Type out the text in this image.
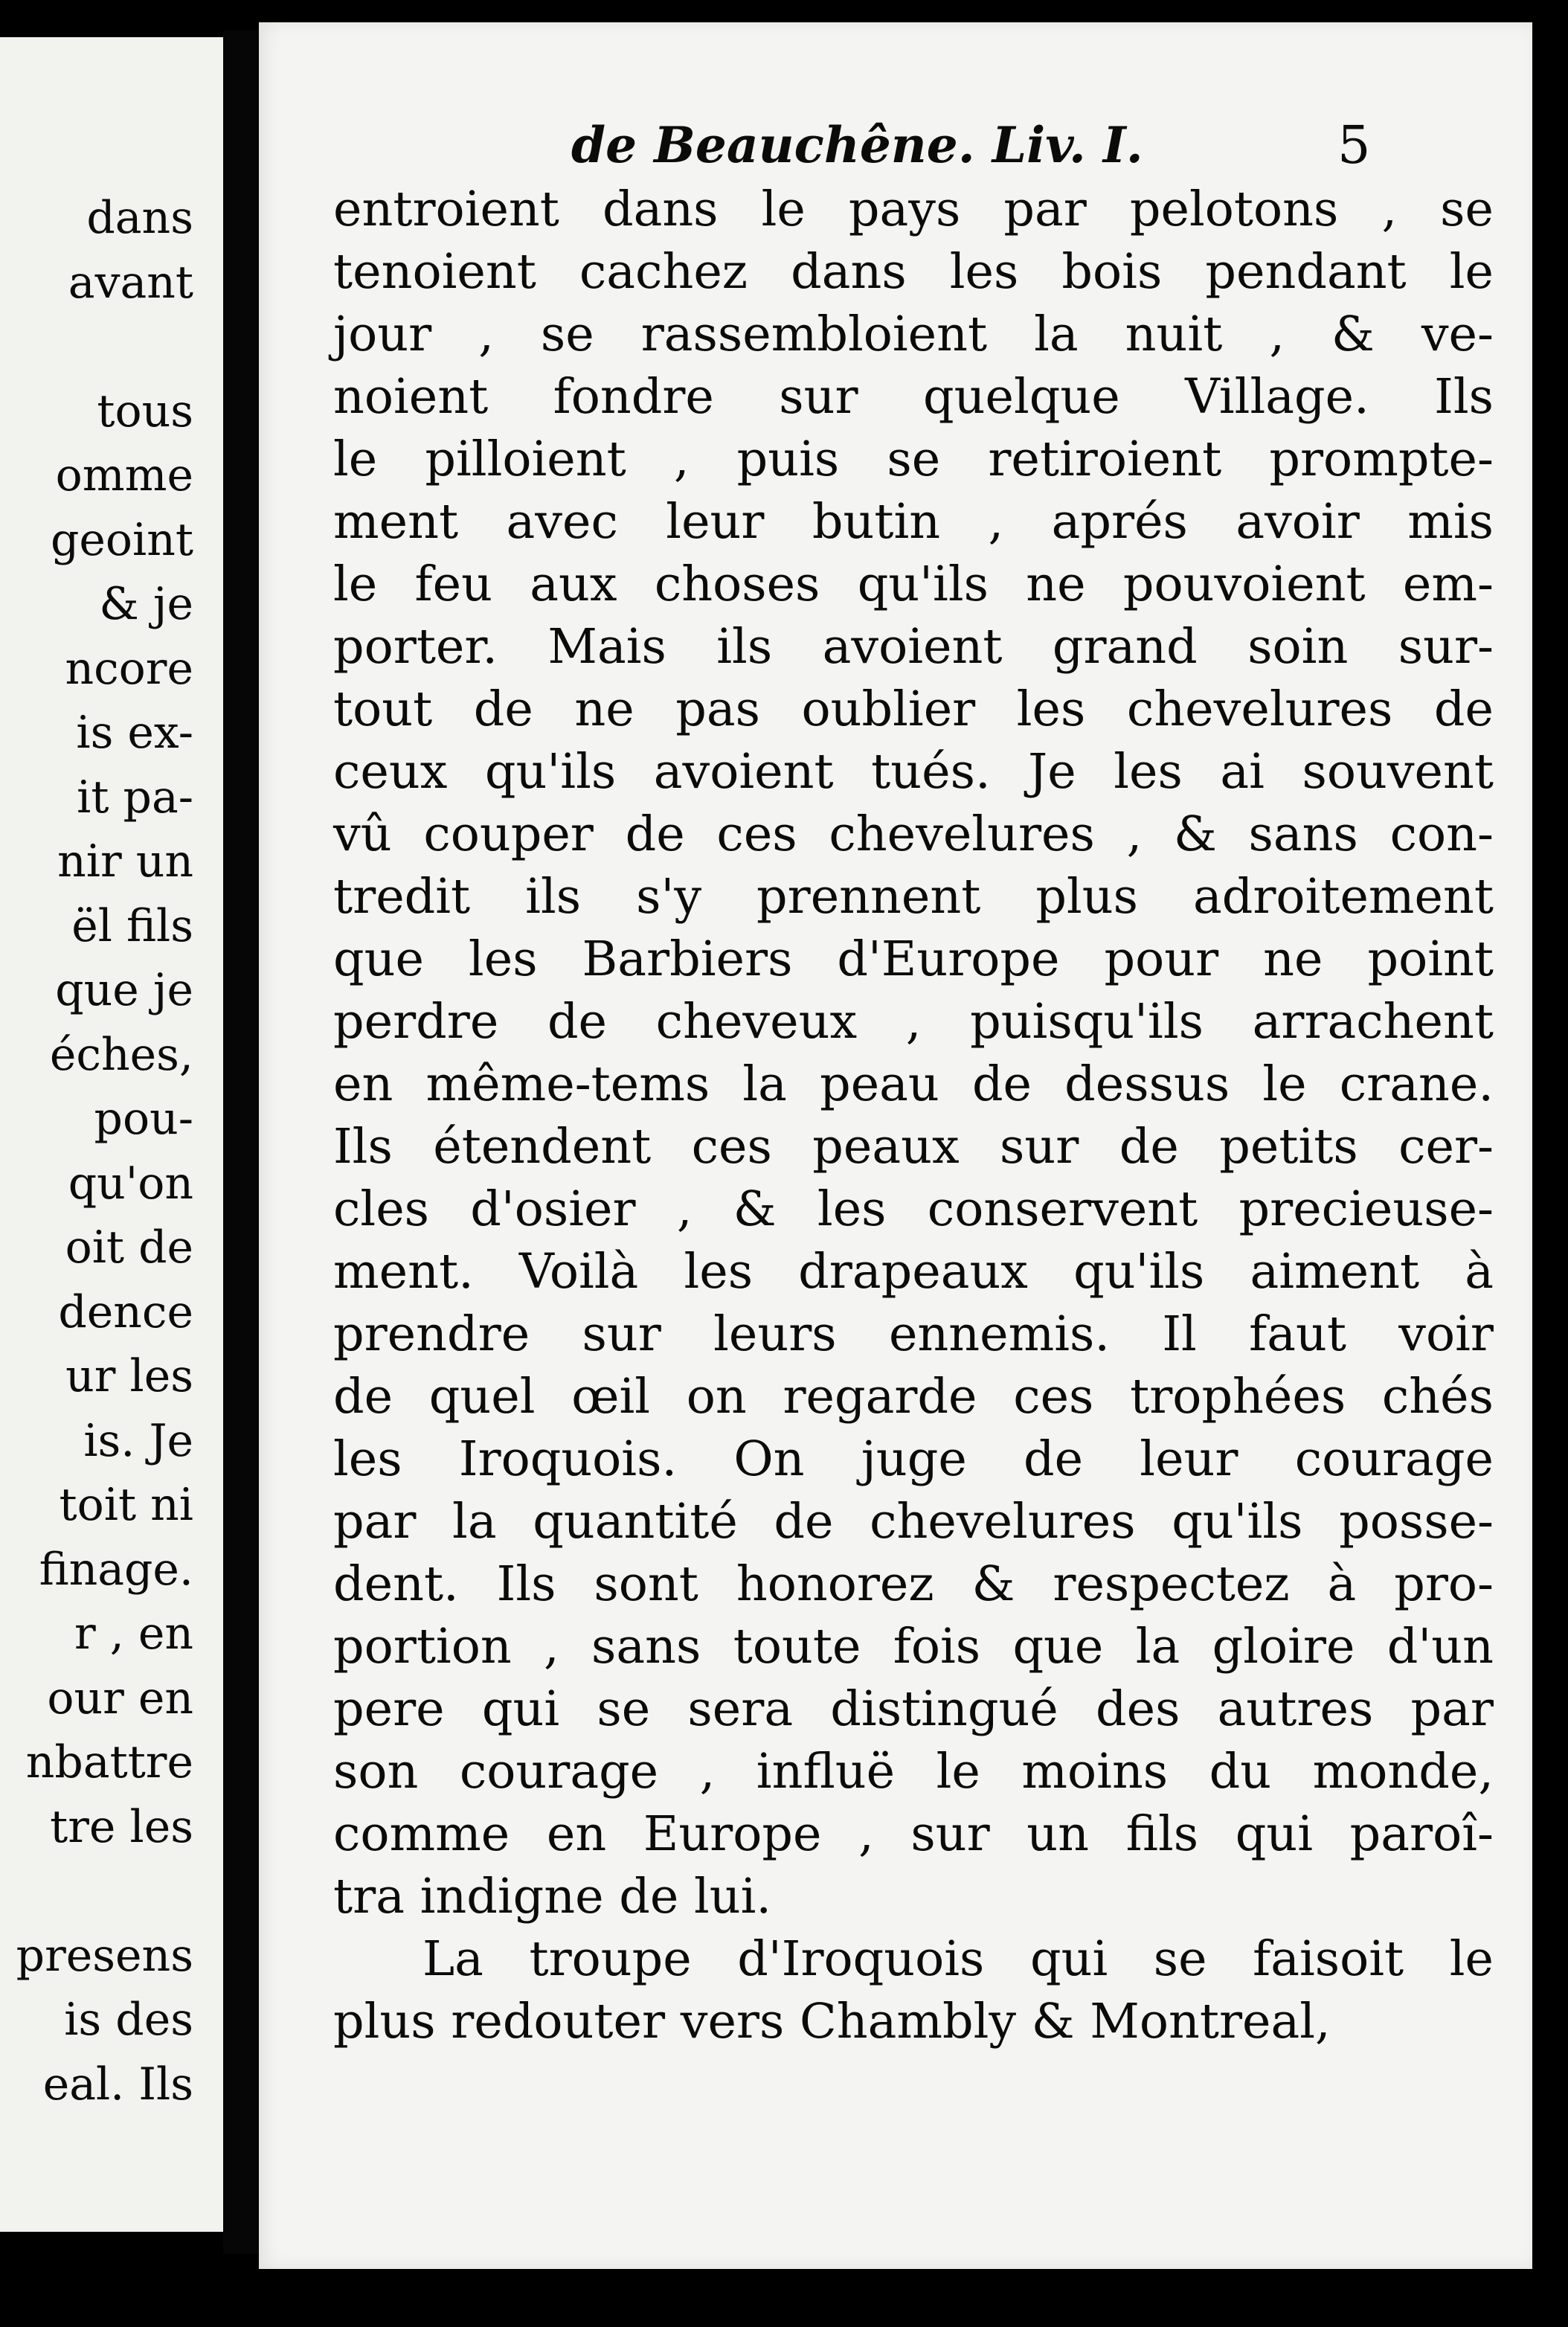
dans
avant
tous
omme
geoint
& je
ncore
is ex-
it pa-
nir un
ël fils
que je
éches,
pou-
qu'on
oit de
dence
ur les
is. Je
toit ni
finage.
r , en
our en
nbattre
tre les
presens
is des
eal. Ils
de Beauchêne. Liv. I.	5
entroient dans le pays par pelotons , se
tenoient cachez dans les bois pendant le
jour , se rassembloient la nuit , & ve-
noient fondre sur quelque Village. Ils
le pilloient , puis se retiroient prompte-
ment avec leur butin , aprés avoir mis
le feu aux choses qu'ils ne pouvoient em-
porter. Mais ils avoient grand soin sur-
tout de ne pas oublier les chevelures de
ceux qu'ils avoient tués. Je les ai souvent
vû couper de ces chevelures , & sans con-
tredit ils s'y prennent plus adroitement
que les Barbiers d'Europe pour ne point
perdre de cheveux , puisqu'ils arrachent
en même-tems la peau de dessus le crane.
Ils étendent ces peaux sur de petits cer-
cles d'osier , & les conservent precieuse-
ment. Voilà les drapeaux qu'ils aiment à
prendre sur leurs ennemis. Il faut voir
de quel œil on regarde ces trophées chés
les Iroquois. On juge de leur courage
par la quantité de chevelures qu'ils posse-
dent. Ils sont honorez & respectez à pro-
portion , sans toute fois que la gloire d'un
pere qui se sera distingué des autres par
son courage , influë le moins du monde,
comme en Europe , sur un fils qui paroî-
tra indigne de lui.
La troupe d'Iroquois qui se faisoit le
plus redouter vers Chambly & Montreal,
